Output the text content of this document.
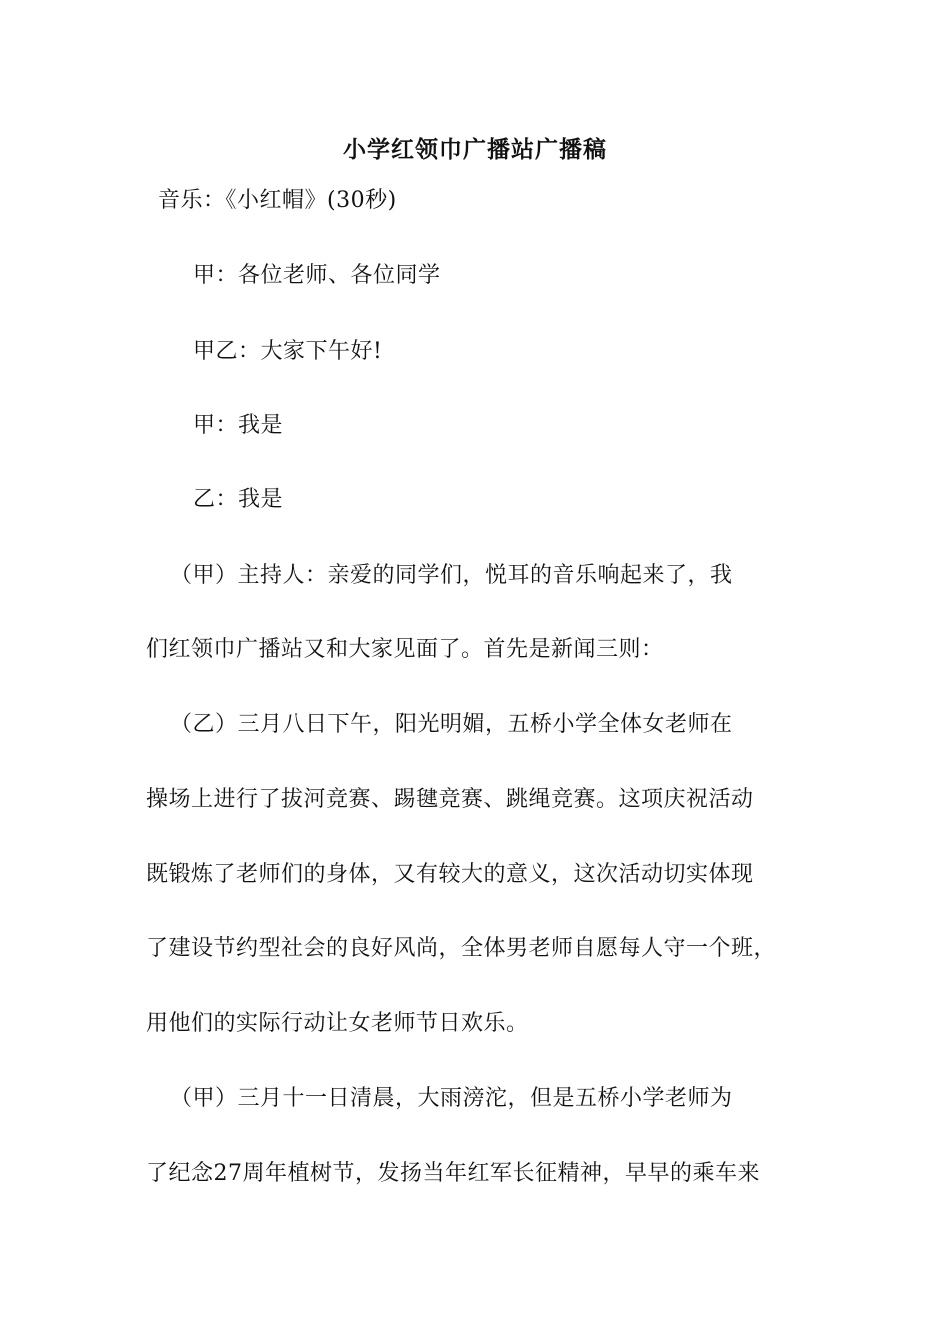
小学红领巾广播站广播稿
音乐：《小红帽》(30秒)
甲：各位老师、各位同学
甲乙：大家下午好!
甲：我是
乙：我是
（甲）主持人：亲爱的同学们，悦耳的音乐响起来了，我
们红领巾广播站又和大家见面了。首先是新闻三则：
（乙）三月八日下午，阳光明媚，五桥小学全体女老师在
操场上进行了拔河竞赛、踢毽竞赛、跳绳竞赛。这项庆祝活动
既锻炼了老师们的身体，又有较大的意义，这次活动切实体现
了建设节约型社会的良好风尚，全体男老师自愿每人守一个班，
用他们的实际行动让女老师节日欢乐。
（甲）三月十一日清晨，大雨滂沱，但是五桥小学老师为
了纪念27周年植树节，发扬当年红军长征精神，早早的乘车来
